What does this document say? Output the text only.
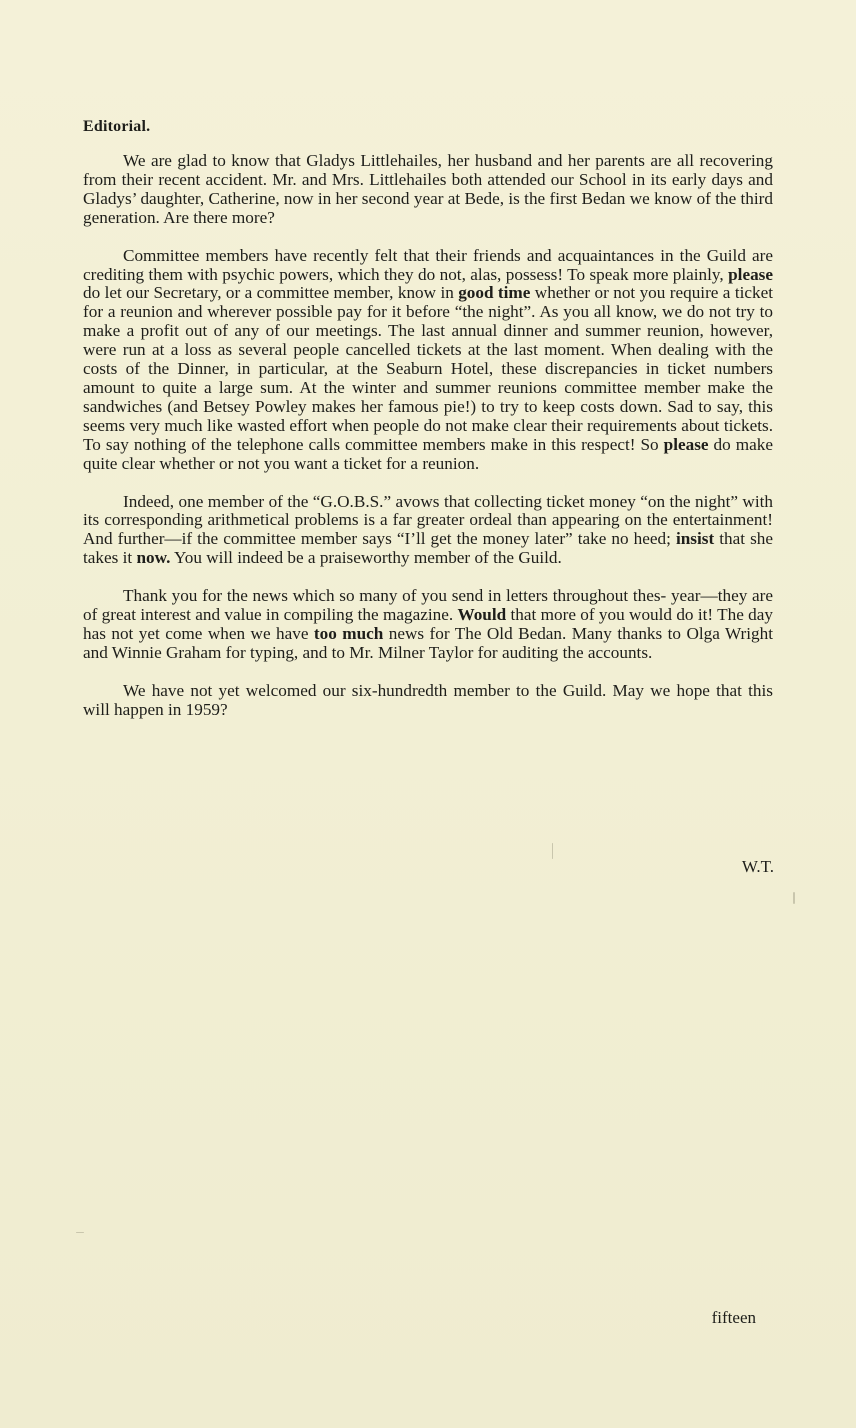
Editorial.

We are glad to know that Gladys Littlehailes, her husband and her parents are all recovering from their recent accident. Mr. and Mrs. Littlehailes both attended our School in its early days and Gladys’ daughter, Catherine, now in her second year at Bede, is the first Bedan we know of the third generation. Are there more?

Committee members have recently felt that their friends and acquaintances in the Guild are crediting them with psychic powers, which they do not, alas, possess! To speak more plainly, please do let our Secretary, or a committee member, know in good time whether or not you require a ticket for a reunion and wherever possible pay for it before “the night”. As you all know, we do not try to make a profit out of any of our meetings. The last annual dinner and summer reunion, however, were run at a loss as several people cancelled tickets at the last moment. When dealing with the costs of the Dinner, in particular, at the Seaburn Hotel, these discrepancies in ticket numbers amount to quite a large sum. At the winter and summer reunions committee member make the sandwiches (and Betsey Powley makes her famous pie!) to try to keep costs down. Sad to say, this seems very much like wasted effort when people do not make clear their requirements about tickets. To say nothing of the telephone calls committee members make in this respect! So please do make quite clear whether or not you want a ticket for a reunion.

Indeed, one member of the “G.O.B.S.” avows that collecting ticket money “on the night” with its corresponding arithmetical problems is a far greater ordeal than appearing on the entertainment! And further—if the committee member says “I’ll get the money later” take no heed; insist that she takes it now. You will indeed be a praiseworthy member of the Guild.

Thank you for the news which so many of you send in letters throughout thes- year—they are of great interest and value in compiling the magazine. Would that more of you would do it! The day has not yet come when we have too much news for The Old Bedan. Many thanks to Olga Wright and Winnie Graham for typing, and to Mr. Milner Taylor for auditing the accounts.

We have not yet welcomed our six-hundredth member to the Guild. May we hope that this will happen in 1959?

W.T.
fifteen
